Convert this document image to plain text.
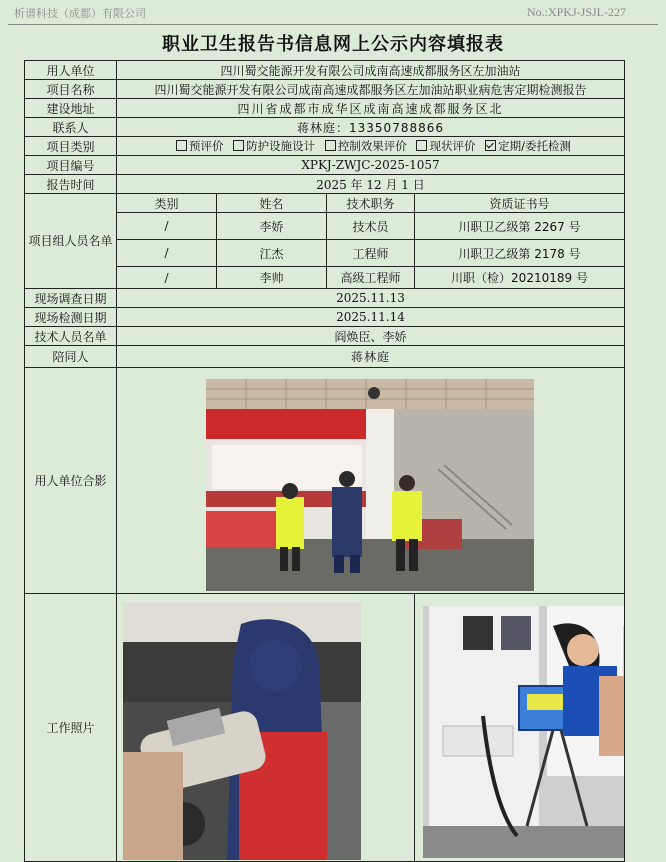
析谱科技（成都）有限公司	No.:XPKJ-JSJL-227
职业卫生报告书信息网上公示内容填报表
用人单位	四川蜀交能源开发有限公司成南高速成都服务区左加油站			
项目名称	四川蜀交能源开发有限公司成南高速成都服务区左加油站职业病危害定期检测报告			
建设地址	四川省成都市成华区成南高速成都服务区北			
联系人	蒋林庭：13350788866			
项目类别	预评价 防护设施设计 控制效果评价 现状评价 定期/委托检测			
项目编号	XPKJ-ZWJC-2025-1057			
报告时间	2025 年 12 月 1 日			
项目组人员名单	类别	姓名	技术职务	资质证书号
	/	李娇	技术员	川职卫乙级第 2267 号
	/	江杰	工程师	川职卫乙级第 2178 号
	/	李帅	高级工程师	川职（检）20210189 号
现场调查日期	2025.11.13			
现场检测日期	2025.11.14			
技术人员名单	阎焕臣、李娇			
陪同人	蒋林庭			
用人单位合影	

工作照片	
